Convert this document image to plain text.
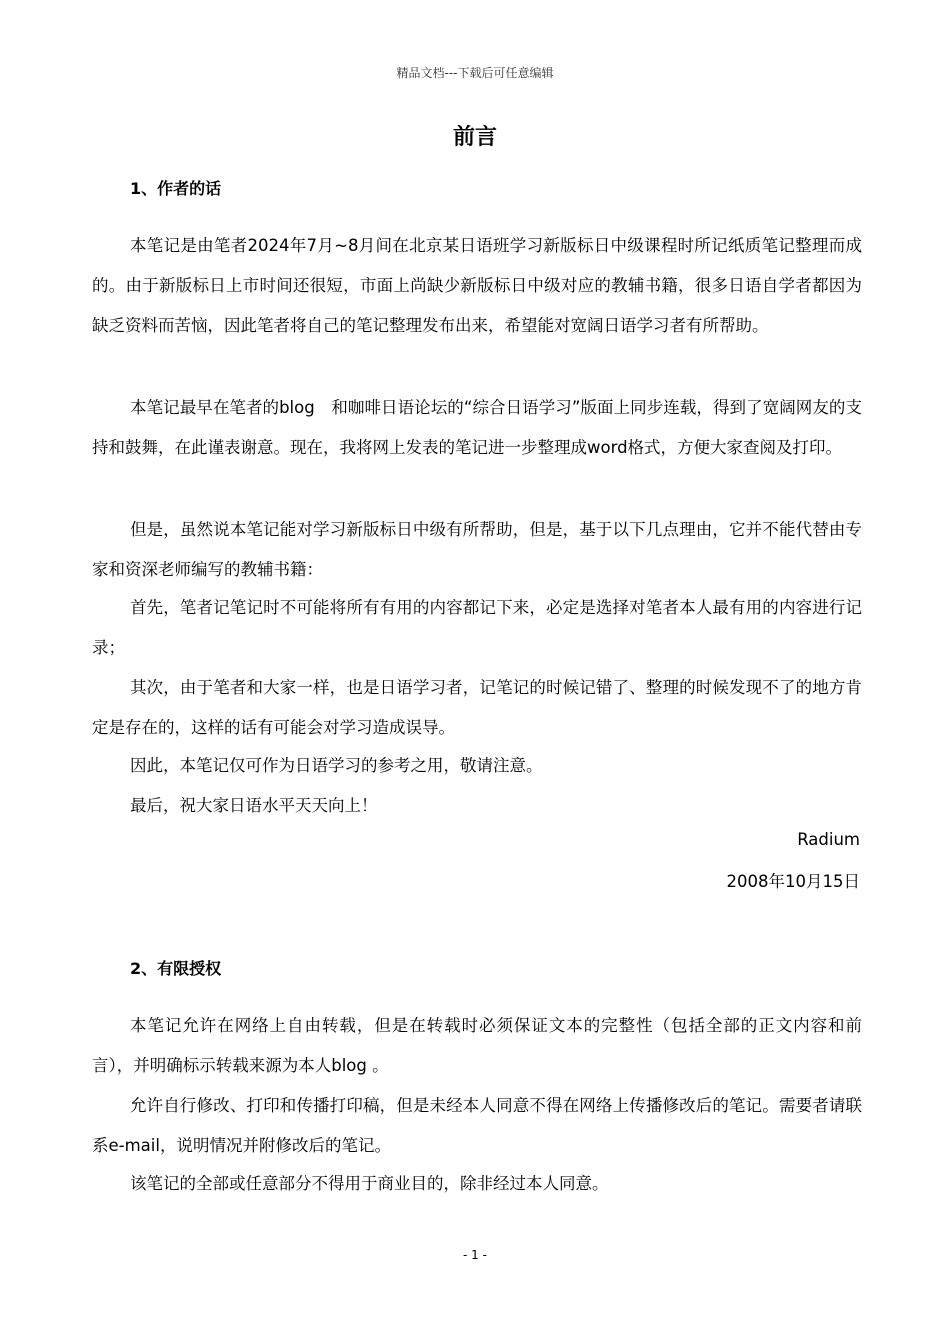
精品文档---下载后可任意编辑
前言
1、作者的话

本笔记是由笔者2024年7月~8月间在北京某日语班学习新版标日中级课程时所记纸质笔记整理而成的。由于新版标日上市时间还很短，市面上尚缺少新版标日中级对应的教辅书籍，很多日语自学者都因为缺乏资料而苦恼，因此笔者将自己的笔记整理发布出来，希望能对宽阔日语学习者有所帮助。

本笔记最早在笔者的blog　和咖啡日语论坛的“综合日语学习”版面上同步连载，得到了宽阔网友的支持和鼓舞，在此谨表谢意。现在，我将网上发表的笔记进一步整理成word格式，方便大家查阅及打印。

但是，虽然说本笔记能对学习新版标日中级有所帮助，但是，基于以下几点理由，它并不能代替由专家和资深老师编写的教辅书籍：

首先，笔者记笔记时不可能将所有有用的内容都记下来，必定是选择对笔者本人最有用的内容进行记录；

其次，由于笔者和大家一样，也是日语学习者，记笔记的时候记错了、整理的时候发现不了的地方肯定是存在的，这样的话有可能会对学习造成误导。

因此，本笔记仅可作为日语学习的参考之用，敬请注意。

最后，祝大家日语水平天天向上！

Radium
2008年10月15日
2、有限授权

本笔记允许在网络上自由转载，但是在转载时必须保证文本的完整性（包括全部的正文内容和前言），并明确标示转载来源为本人blog 。

允许自行修改、打印和传播打印稿，但是未经本人同意不得在网络上传播修改后的笔记。需要者请联系e-mail，说明情况并附修改后的笔记。

该笔记的全部或任意部分不得用于商业目的，除非经过本人同意。

- 1 -
